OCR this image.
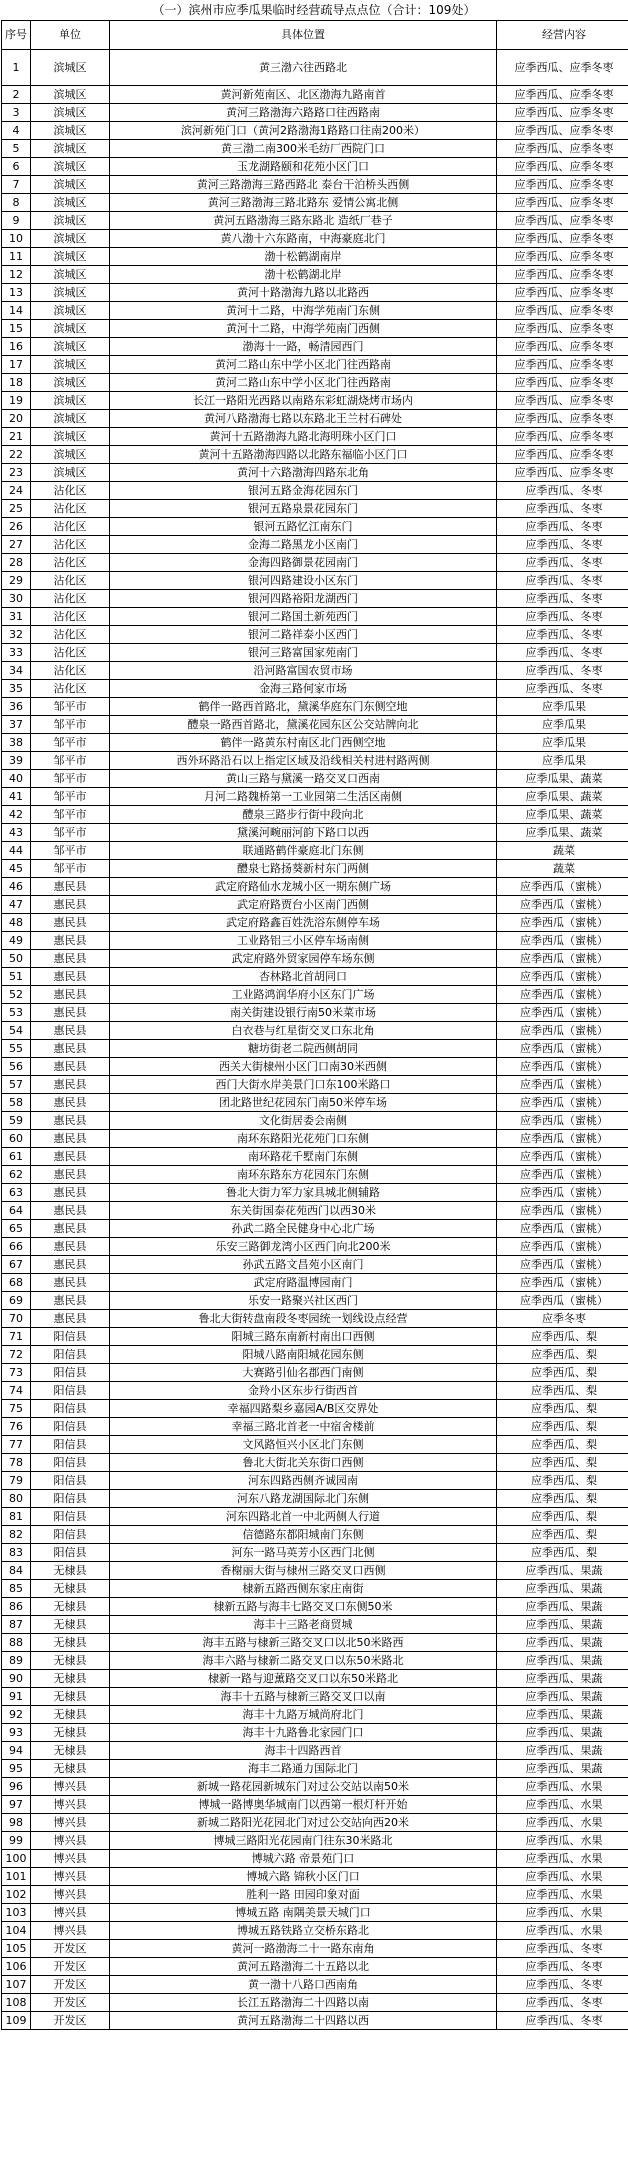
（一）滨州市应季瓜果临时经营疏导点点位（合计：109处）
序号	单位	具体位置	经营内容
1	滨城区	黄三渤六往西路北	应季西瓜、应季冬枣
2	滨城区	黄河新苑南区、北区渤海九路南首	应季西瓜、应季冬枣
3	滨城区	黄河三路渤海六路路口往西路南	应季西瓜、应季冬枣
4	滨城区	滨河新苑门口（黄河2路渤海1路路口往南200米）	应季西瓜、应季冬枣
5	滨城区	黄三渤二南300米毛纺厂西院门口	应季西瓜、应季冬枣
6	滨城区	玉龙湖路颐和花苑小区门口	应季西瓜、应季冬枣
7	滨城区	黄河三路渤海三路西路北 泰台干泊桥头西侧	应季西瓜、应季冬枣
8	滨城区	黄河三路渤海三路北路东 爱情公寓北侧	应季西瓜、应季冬枣
9	滨城区	黄河五路渤海三路东路北 造纸厂巷子	应季西瓜、应季冬枣
10	滨城区	黄八渤十六东路南，中海豪庭北门	应季西瓜、应季冬枣
11	滨城区	渤十松鹤湖南岸	应季西瓜、应季冬枣
12	滨城区	渤十松鹤湖北岸	应季西瓜、应季冬枣
13	滨城区	黄河十路渤海九路以北路西	应季西瓜、应季冬枣
14	滨城区	黄河十二路，中海学苑南门东侧	应季西瓜、应季冬枣
15	滨城区	黄河十二路，中海学苑南门西侧	应季西瓜、应季冬枣
16	滨城区	渤海十一路，畅清园西门	应季西瓜、应季冬枣
17	滨城区	黄河二路山东中学小区北门往西路南	应季西瓜、应季冬枣
18	滨城区	黄河二路山东中学小区北门往西路南	应季西瓜、应季冬枣
19	滨城区	长江一路阳光西路以南路东彩虹湖烧烤市场内	应季西瓜、应季冬枣
20	滨城区	黄河八路渤海七路以东路北王兰村石碑处	应季西瓜、应季冬枣
21	滨城区	黄河十五路渤海九路北海明珠小区门口	应季西瓜、应季冬枣
22	滨城区	黄河十五路渤海四路以北路东福临小区门口	应季西瓜、应季冬枣
23	滨城区	黄河十六路渤海四路东北角	应季西瓜、应季冬枣
24	沾化区	银河五路金海花园东门	应季西瓜、冬枣
25	沾化区	银河五路泉景花园东门	应季西瓜、冬枣
26	沾化区	银河五路忆江南东门	应季西瓜、冬枣
27	沾化区	金海二路黑龙小区南门	应季西瓜、冬枣
28	沾化区	金海四路御景花园南门	应季西瓜、冬枣
29	沾化区	银河四路建设小区东门	应季西瓜、冬枣
30	沾化区	银河四路裕阳龙湖西门	应季西瓜、冬枣
31	沾化区	银河二路国土新苑西门	应季西瓜、冬枣
32	沾化区	银河二路祥泰小区西门	应季西瓜、冬枣
33	沾化区	银河三路富国家苑南门	应季西瓜、冬枣
34	沾化区	沿河路富国农贸市场	应季西瓜、冬枣
35	沾化区	金海三路何家市场	应季西瓜、冬枣
36	邹平市	鹤伴一路西首路北，黛溪华庭东门东侧空地	应季瓜果
37	邹平市	醴泉一路西首路北，黛溪花园东区公交站牌向北	应季瓜果
38	邹平市	鹤伴一路黄东村南区北门西侧空地	应季瓜果
39	邹平市	西外环路沿石以上指定区域及沿线相关村进村路两侧	应季瓜果
40	邹平市	黄山三路与黛溪一路交叉口西南	应季瓜果、蔬菜
41	邹平市	月河二路魏桥第一工业园第二生活区南侧	应季瓜果、蔬菜
42	邹平市	醴泉三路步行街中段向北	应季瓜果、蔬菜
43	邹平市	黛溪河畹丽河韵下路口以西	应季瓜果、蔬菜
44	邹平市	联通路鹤伴豪庭北门东侧	蔬菜
45	邹平市	醴泉七路扬葵新村东门两侧	蔬菜
46	惠民县	武定府路仙水龙城小区一期东侧广场	应季西瓜（蜜桃）
47	惠民县	武定府路贾台小区南门西侧	应季西瓜（蜜桃）
48	惠民县	武定府路鑫百姓洗浴东侧停车场	应季西瓜（蜜桃）
49	惠民县	工业路铝三小区停车场南侧	应季西瓜（蜜桃）
50	惠民县	武定府路外贸家园停车场东侧	应季西瓜（蜜桃）
51	惠民县	杏林路北首胡同口	应季西瓜（蜜桃）
52	惠民县	工业路鸿润华府小区东门广场	应季西瓜（蜜桃）
53	惠民县	南关街建设银行南50米菜市场	应季西瓜（蜜桃）
54	惠民县	白衣巷与红星街交叉口东北角	应季西瓜（蜜桃）
55	惠民县	糖坊街老二院西侧胡同	应季西瓜（蜜桃）
56	惠民县	西关大街棣州小区门口南30米西侧	应季西瓜（蜜桃）
57	惠民县	西门大街水岸美景门口东100米路口	应季西瓜（蜜桃）
58	惠民县	团北路世纪花园东门南50米停车场	应季西瓜（蜜桃）
59	惠民县	文化街居委会南侧	应季西瓜（蜜桃）
60	惠民县	南环东路阳光花苑门口东侧	应季西瓜（蜜桃）
61	惠民县	南环路花千墅南门东侧	应季西瓜（蜜桃）
62	惠民县	南环东路东方花园东门东侧	应季西瓜（蜜桃）
63	惠民县	鲁北大街力军力家具城北侧辅路	应季西瓜（蜜桃）
64	惠民县	东关街国泰花苑西门以西30米	应季西瓜（蜜桃）
65	惠民县	孙武二路全民健身中心北广场	应季西瓜（蜜桃）
66	惠民县	乐安三路御龙湾小区西门向北200米	应季西瓜（蜜桃）
67	惠民县	孙武五路文昌苑小区南门	应季西瓜（蜜桃）
68	惠民县	武定府路温博园南门	应季西瓜（蜜桃）
69	惠民县	乐安一路聚兴社区西门	应季西瓜（蜜桃）
70	惠民县	鲁北大街转盘南段冬枣园统一划线设点经营	应季冬枣
71	阳信县	阳城三路东南新村南出口西侧	应季西瓜、梨
72	阳信县	阳城八路南阳城花园东侧	应季西瓜、梨
73	阳信县	大赛路引仙名郡西门南侧	应季西瓜、梨
74	阳信县	金羚小区东步行街西首	应季西瓜、梨
75	阳信县	幸福四路梨乡嘉园A/B区交界处	应季西瓜、梨
76	阳信县	幸福三路北首老一中宿舍楼前	应季西瓜、梨
77	阳信县	文风路恒兴小区北门东侧	应季西瓜、梨
78	阳信县	鲁北大街北关东街口西侧	应季西瓜、梨
79	阳信县	河东四路西侧齐诚园南	应季西瓜、梨
80	阳信县	河东八路龙湖国际北门东侧	应季西瓜、梨
81	阳信县	河东四路北首一中北两侧人行道	应季西瓜、梨
82	阳信县	信德路东都阳城南门东侧	应季西瓜、梨
83	阳信县	河东一路马英芳小区西门北侧	应季西瓜、梨
84	无棣县	香榭丽大街与棣州三路交叉口西侧	应季西瓜、果蔬
85	无棣县	棣新五路西侧东家庄南街	应季西瓜、果蔬
86	无棣县	棣新五路与海丰七路交叉口东侧50米	应季西瓜、果蔬
87	无棣县	海丰十三路老商贸城	应季西瓜、果蔬
88	无棣县	海丰五路与棣新三路交叉口以北50米路西	应季西瓜、果蔬
89	无棣县	海丰六路与棣新二路交叉口以东50米路北	应季西瓜、果蔬
90	无棣县	棣新一路与迎薰路交叉口以东50米路北	应季西瓜、果蔬
91	无棣县	海丰十五路与棣新三路交叉口以南	应季西瓜、果蔬
92	无棣县	海丰十九路万城尚府北门	应季西瓜、果蔬
93	无棣县	海丰十九路鲁北家园门口	应季西瓜、果蔬
94	无棣县	海丰十四路西首	应季西瓜、果蔬
95	无棣县	海丰二路通力国际北门	应季西瓜、果蔬
96	博兴县	新城一路花园新城东门对过公交站以南50米	应季西瓜、水果
97	博兴县	博城一路博奥华城南门以西第一根灯杆开始	应季西瓜、水果
98	博兴县	新城二路阳光花园北门对过公交站向西20米	应季西瓜、水果
99	博兴县	博城三路阳光花园南门往东30米路北	应季西瓜、水果
100	博兴县	博城六路 帝景苑门口	应季西瓜、水果
101	博兴县	博城六路 锦秋小区门口	应季西瓜、水果
102	博兴县	胜利一路 田园印象对面	应季西瓜、水果
103	博兴县	博城五路 南隅美景天城门口	应季西瓜、水果
104	博兴县	博城五路铁路立交桥东路北	应季西瓜、水果
105	开发区	黄河一路渤海二十一路东南角	应季西瓜、冬枣
106	开发区	黄河五路渤海二十五路以北	应季西瓜、冬枣
107	开发区	黄一渤十八路口西南角	应季西瓜、冬枣
108	开发区	长江五路渤海二十四路以南	应季西瓜、冬枣
109	开发区	黄河五路渤海二十四路以西	应季西瓜、冬枣
